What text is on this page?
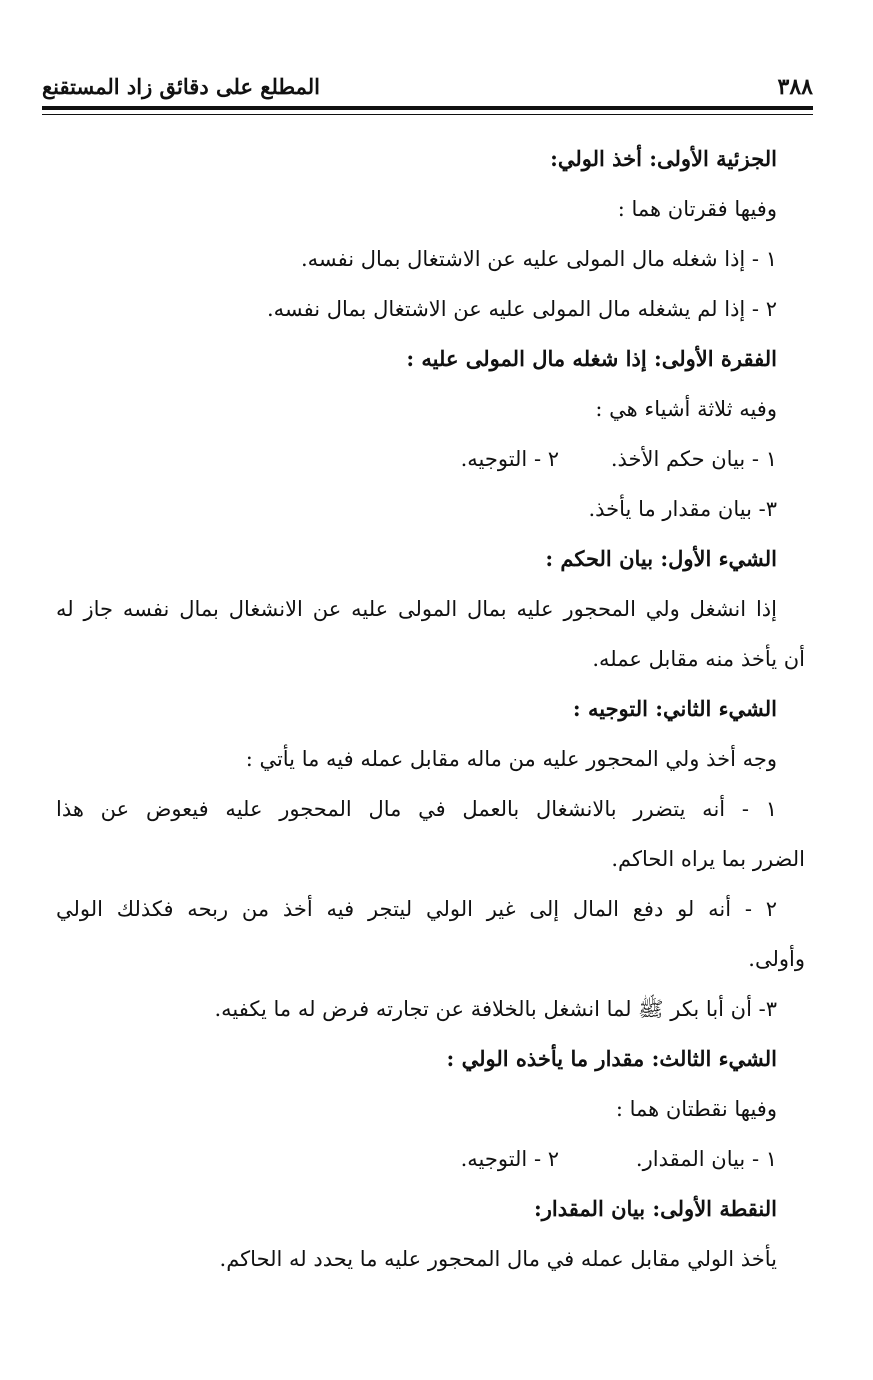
٣٨٨
المطلع على دقائق زاد المستقنع
الجزئية الأولى: أخذ الولي:
وفيها فقرتان هما :
١ - إذا شغله مال المولى عليه عن الاشتغال بمال نفسه.
٢ - إذا لم يشغله مال المولى عليه عن الاشتغال بمال نفسه.
الفقرة الأولى: إذا شغله مال المولى عليه :
وفيه ثلاثة أشياء هي :
١ - بيان حكم الأخذ.
٢ - التوجيه.
٣- بيان مقدار ما يأخذ.
الشيء الأول: بيان الحكم :
إذا انشغل ولي المحجور عليه بمال المولى عليه عن الانشغال بمال نفسه جاز له
أن يأخذ منه مقابل عمله.
الشيء الثاني: التوجيه :
وجه أخذ ولي المحجور عليه من ماله مقابل عمله فيه ما يأتي :
١ - أنه يتضرر بالانشغال بالعمل في مال المحجور عليه فيعوض عن هذا
الضرر بما يراه الحاكم.
٢ - أنه لو دفع المال إلى غير الولي ليتجر فيه أخذ من ربحه فكذلك الولي
وأولى.
٣- أن أبا بكر ﷺ لما انشغل بالخلافة عن تجارته فرض له ما يكفيه.
الشيء الثالث: مقدار ما يأخذه الولي :
وفيها نقطتان هما :
١ - بيان المقدار.
٢ - التوجيه.
النقطة الأولى: بيان المقدار:
يأخذ الولي مقابل عمله في مال المحجور عليه ما يحدد له الحاكم.
